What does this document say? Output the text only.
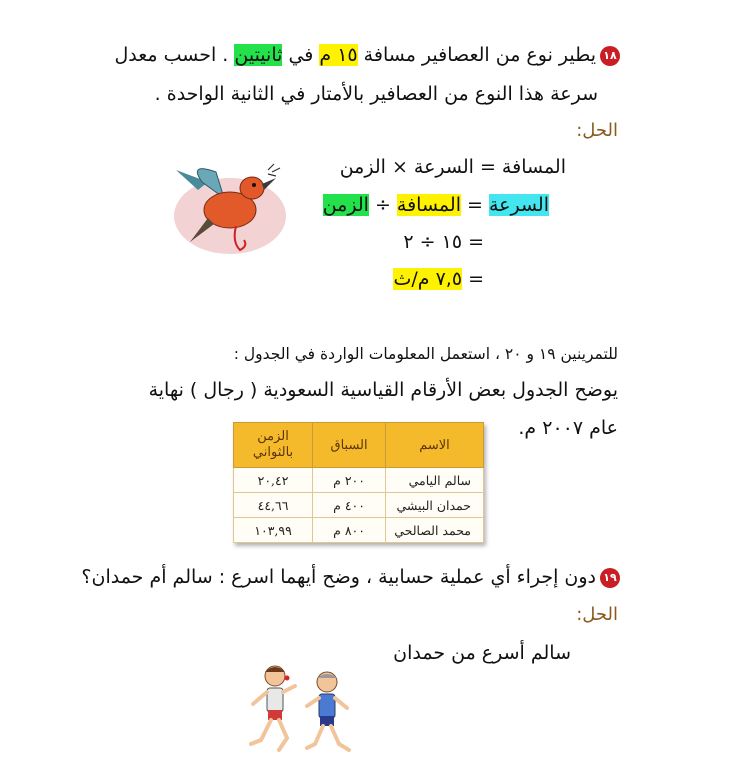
١٨يطير نوع من العصافير مسافة ١٥ م في ثانيتين . احسب معدل
سرعة هذا النوع من العصافير بالأمتار في الثانية الواحدة .
الحل:
المسافة = السرعة × الزمن
السرعة = المسافة ÷ الزمن
= ١٥ ÷ ٢
= ٧,٥ م/ث
للتمرينين ١٩ و ٢٠ ، استعمل المعلومات الواردة في الجدول :
يوضح الجدول بعض الأرقام القياسية السعودية ( رجال ) نهاية
عام ٢٠٠٧ م.
الاسم	السباق	الزمن بالثواني
سالم اليامي	٢٠٠ م	٢٠,٤٢
حمدان البيشي	٤٠٠ م	٤٤,٦٦
محمد الصالحي	٨٠٠ م	١٠٣,٩٩
١٩دون إجراء أي عملية حسابية ، وضح أيهما اسرع : سالم أم حمدان؟
الحل:
سالم أسرع من حمدان
